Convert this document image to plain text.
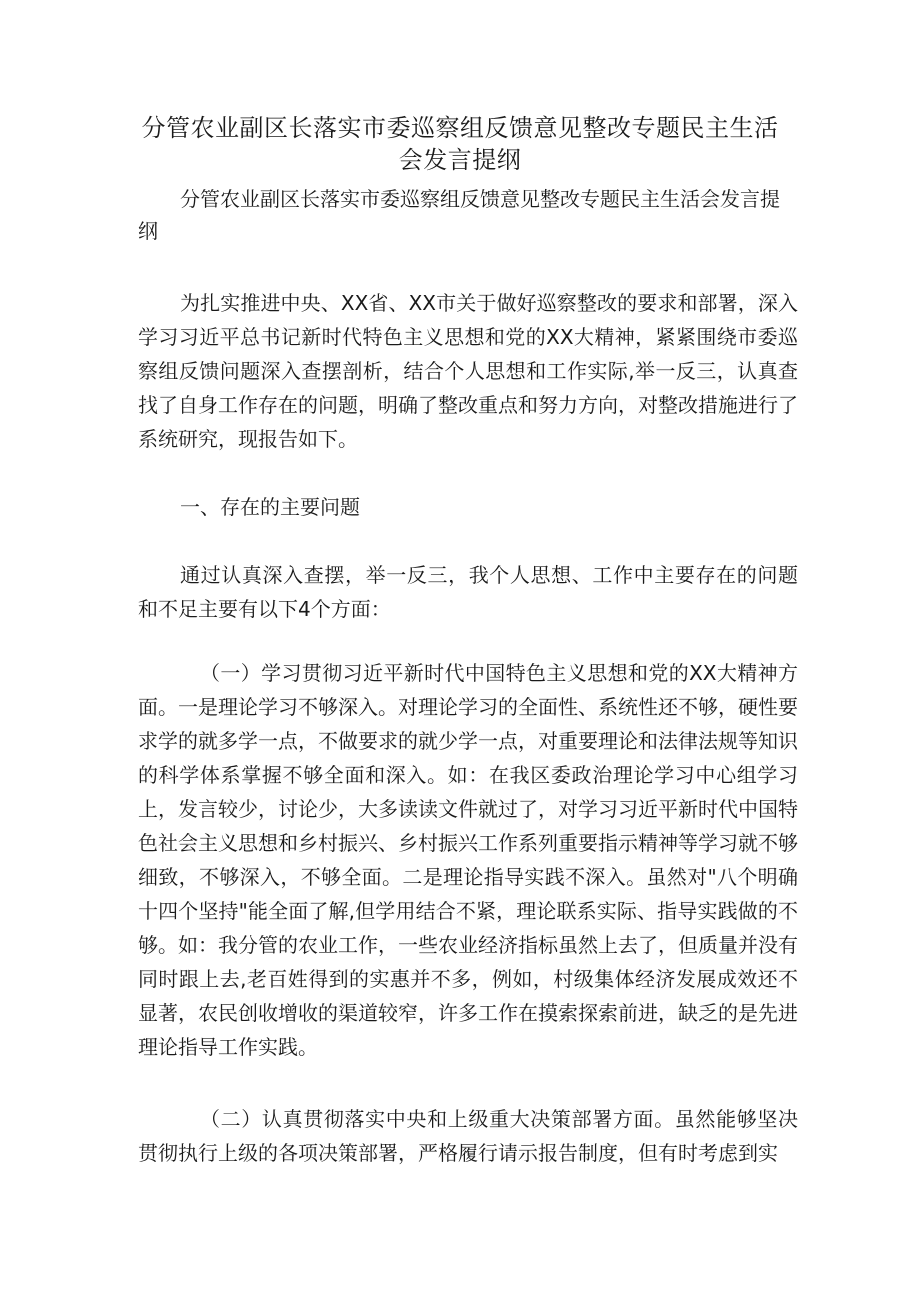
分管农业副区长落实市委巡察组反馈意见整改专题民主生活会发言提纲

分管农业副区长落实市委巡察组反馈意见整改专题民主生活会发言提纲

为扎实推进中央、XX省、XX市关于做好巡察整改的要求和部署，深入学习习近平总书记新时代特色主义思想和党的XX大精神，紧紧围绕市委巡察组反馈问题深入查摆剖析，结合个人思想和工作实际,举一反三，认真查找了自身工作存在的问题，明确了整改重点和努力方向，对整改措施进行了系统研究，现报告如下。

一、存在的主要问题

通过认真深入查摆，举一反三，我个人思想、工作中主要存在的问题和不足主要有以下4个方面：

（一）学习贯彻习近平新时代中国特色主义思想和党的XX大精神方面。一是理论学习不够深入。对理论学习的全面性、系统性还不够，硬性要求学的就多学一点，不做要求的就少学一点，对重要理论和法律法规等知识的科学体系掌握不够全面和深入。如：在我区委政治理论学习中心组学习上，发言较少，讨论少，大多读读文件就过了，对学习习近平新时代中国特色社会主义思想和乡村振兴、乡村振兴工作系列重要指示精神等学习就不够细致，不够深入，不够全面。二是理论指导实践不深入。虽然对"八个明确十四个坚持"能全面了解,但学用结合不紧，理论联系实际、指导实践做的不够。如：我分管的农业工作，一些农业经济指标虽然上去了，但质量并没有同时跟上去,老百姓得到的实惠并不多，例如，村级集体经济发展成效还不显著，农民创收增收的渠道较窄，许多工作在摸索探索前进，缺乏的是先进理论指导工作实践。

（二）认真贯彻落实中央和上级重大决策部署方面。虽然能够坚决贯彻执行上级的各项决策部署，严格履行请示报告制度，但有时考虑到实
